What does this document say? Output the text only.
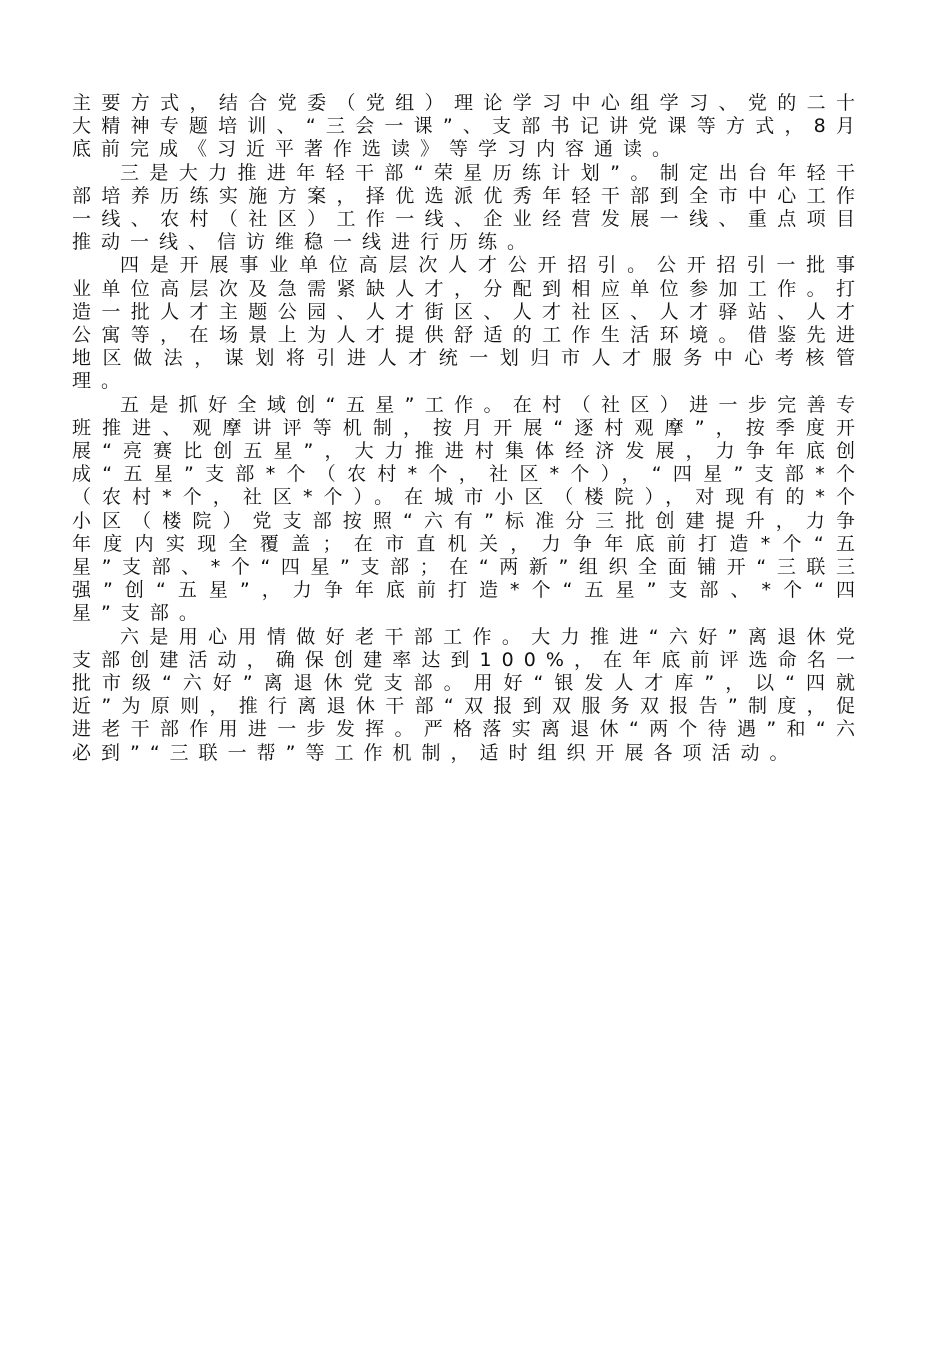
主要方式，结合党委（党组）理论学习中心组学习、党的二十大精神专题培训、“三会一课”、支部书记讲党课等方式，8月底前完成《习近平著作选读》等学习内容通读。

三是大力推进年轻干部“荣星历练计划”。制定出台年轻干部培养历练实施方案，择优选派优秀年轻干部到全市中心工作一线、农村（社区）工作一线、企业经营发展一线、重点项目推动一线、信访维稳一线进行历练。

四是开展事业单位高层次人才公开招引。公开招引一批事业单位高层次及急需紧缺人才，分配到相应单位参加工作。打造一批人才主题公园、人才街区、人才社区、人才驿站、人才公寓等，在场景上为人才提供舒适的工作生活环境。借鉴先进地区做法，谋划将引进人才统一划归市人才服务中心考核管理。

五是抓好全域创“五星”工作。在村（社区）进一步完善专班推进、观摩讲评等机制，按月开展“逐村观摩”，按季度开展“亮赛比创五星”，大力推进村集体经济发展，力争年底创成“五星”支部*个（农村*个，社区*个），“四星”支部*个（农村*个，社区*个）。在城市小区（楼院），对现有的*个小区（楼院）党支部按照“六有”标准分三批创建提升，力争年度内实现全覆盖；在市直机关，力争年底前打造*个“五星”支部、*个“四星”支部；在“两新”组织全面铺开“三联三强”创“五星”，力争年底前打造*个“五星”支部、*个“四星”支部。

六是用心用情做好老干部工作。大力推进“六好”离退休党支部创建活动，确保创建率达到100%，在年底前评选命名一批市级“六好”离退休党支部。用好“银发人才库”，以“四就近”为原则，推行离退休干部“双报到双服务双报告”制度，促进老干部作用进一步发挥。严格落实离退休“两个待遇”和“六必到”“三联一帮”等工作机制，适时组织开展各项活动。
